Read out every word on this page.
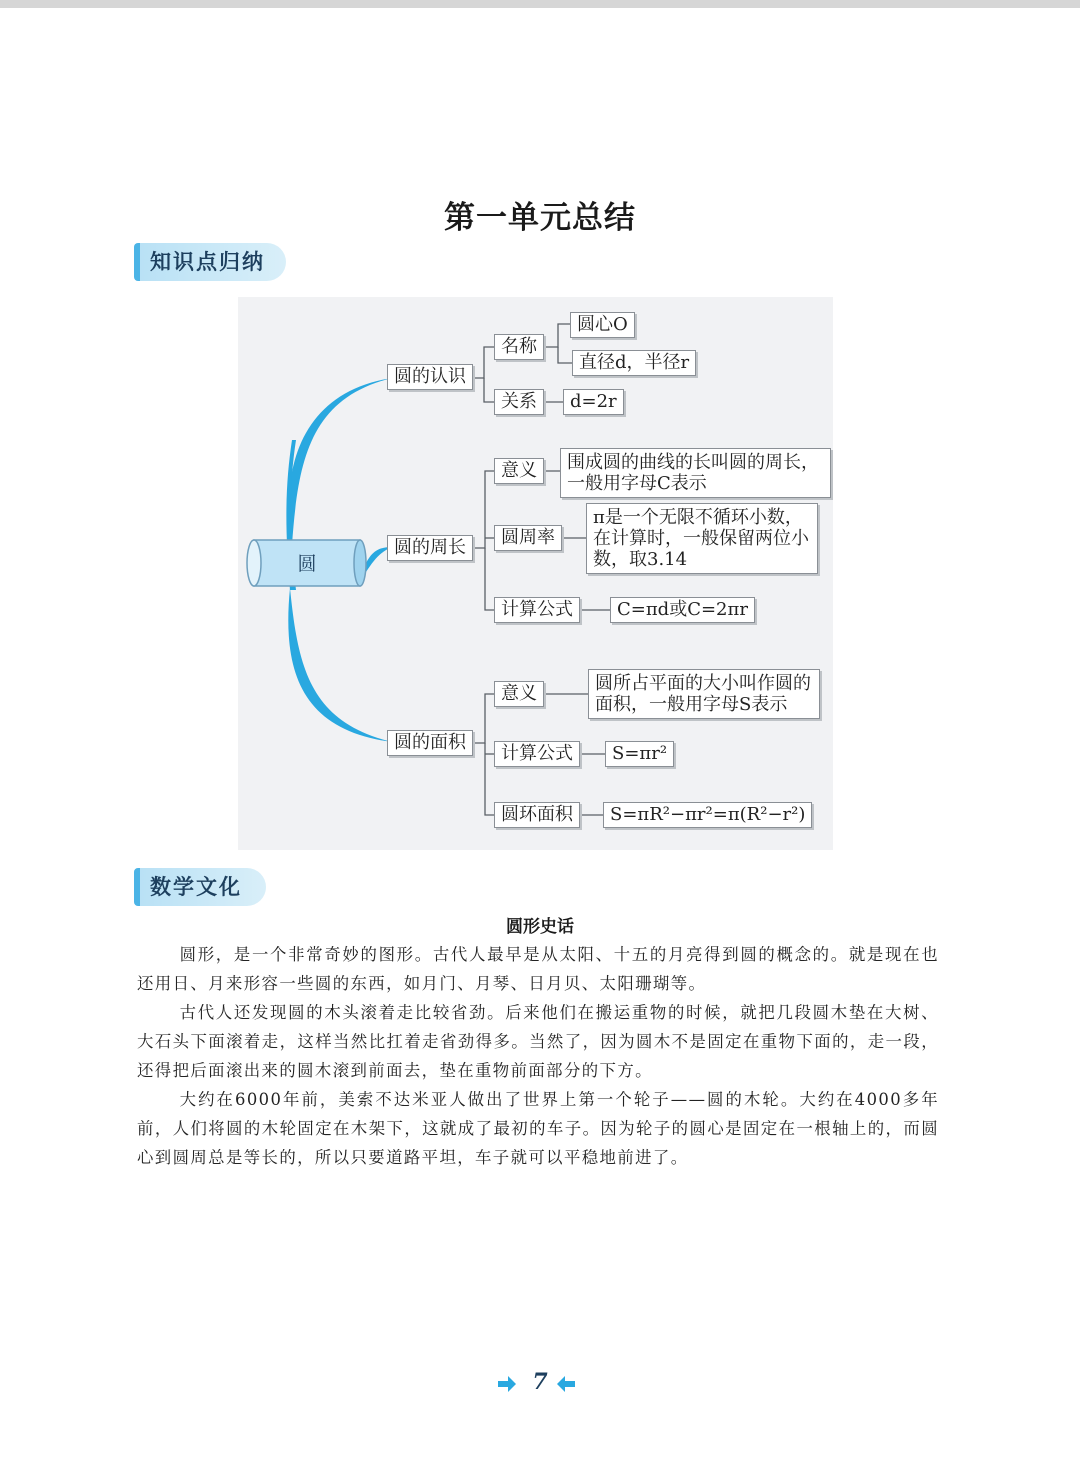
第一单元总结
知识点归纳
圆
圆的认识
名称
圆心O
直径d，半径r
关系	d=2r
圆的周长
意义	围成圆的曲线的长叫圆的周长，一般用字母C表示
圆周率
π是一个无限不循环小数，在计算时，一般保留两位小数，取3.14
计算公式	C=πd或C=2πr
圆的面积
意义	圆所占平面的大小叫作圆的面积，一般用字母S表示
计算公式	S=πr²
圆环面积	S=πR²−πr²=π(R²−r²)
数学文化
圆形史话

圆形，是一个非常奇妙的图形。古代人最早是从太阳、十五的月亮得到圆的概念的。就是现在也还用日、月来形容一些圆的东西，如月门、月琴、日月贝、太阳珊瑚等。

古代人还发现圆的木头滚着走比较省劲。后来他们在搬运重物的时候，就把几段圆木垫在大树、大石头下面滚着走，这样当然比扛着走省劲得多。当然了，因为圆木不是固定在重物下面的，走一段，还得把后面滚出来的圆木滚到前面去，垫在重物前面部分的下方。

大约在6000年前，美索不达米亚人做出了世界上第一个轮子——圆的木轮。大约在4000多年前，人们将圆的木轮固定在木架下，这就成了最初的车子。因为轮子的圆心是固定在一根轴上的，而圆心到圆周总是等长的，所以只要道路平坦，车子就可以平稳地前进了。

7
